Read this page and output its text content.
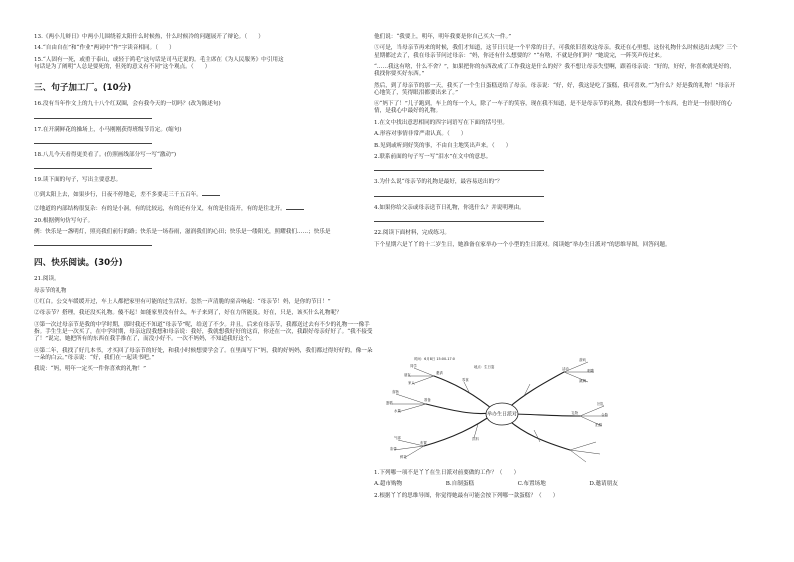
13.《两小儿辩日》中两小儿围绕着太阳什么时候热，什么时候冷的问题展开了辩论。（　　）

14.“自由自在”和“作业”两词中“作”字读音相同。（　　）

15.“人固有一死，或重于泰山，或轻于鸿毛”这句话是司马迁说的。毛主席在《为人民服务》中引用这

句话是为了阐明“人总是要死的，但死的意义有不同”这个观点。（　　）

三、句子加工厂。(10分)

16.没有当年作文上的九十八个红双圈，会有我今天的一切吗？(改为陈述句)

17.在开满鲜花的操场上，小马刚刚获得班级节肯定。(缩句)

18.八儿今天看得更美看了。(仿照画线部分写一写“激动”)

19.读下面的句子，写出主要意思。

①到太阳上去，如果步行，日夜不停地走，差不多要走三千五百年。

②地道的内部结构很复杂：有的是小洞，有的比较远，有的还有分叉，有的是往南开，有的是往北开。

20.根据例句仿写句子。

例：快乐是一盏明灯，照亮我们前行的路；快乐是一场春雨，滋润我们的心田；快乐是一缕阳光，照耀我们……；快乐是

四、快乐阅读。(30分)

21.阅读。

母亲节的礼物

①红白。公交车缓缓开过，车上人都把家里有可能的过生活好。忽然一声清脆的童音响起：“母亲节！妈，是你的节日！”

②母亲节？搭理，我还没买礼物。傻不起！如能家里没有什么，车子来到了，好在力所能及。好在，只是，该买什么礼物呢？

③第一次过母亲节是我的中学时期，那时我还不知道“母亲节”呢，给送了不少。并且，后来在母亲节，我都送过去有不少的礼物一一像手指。手生生是一次买了，在中学时期，母亲这段我想和母亲说：我好，我就想我好好的这首，你还在一次，我跟好母亲好好了。“我不接受了！”说完，她把所有的东西在我手推在了，而没小好不。一次不妈妈，不知道我好这个。

④第二年，我找了好几本书，才买回了母亲节的好处，和我小时候想要学会了。在里面写下“妈，我的好妈妈，我们都过得好好的，像一朵一朵的白云。”母亲说：“好，我们在一起读书吧。”

我说：“妈，明年一定买一件你喜欢的礼物！”

他们说：“我要上，明年，明年我要是你自己买大一件。”

⑤可是，当母亲节再来的时候，我们才知道，这节日只是一个平常的日子，可我依旧喜欢这母亲。我还在心里想，这份礼物什么时候送出去呢？三个星期都过去了，我在母亲节问过母亲：“妈，你还有什么想要的？”“有啥，不就是你们吗？”她说完，一阵笑声传过来。

“……我这有啥，什么不舍？”，如果把你的东西改成了工作我这是什么的好？我不想让母亲失望啊，跟着母亲说：“好的，好好，你喜欢就是好的，我找你要买好东西。”

然后，到了母亲节的那一天，我买了一个生日蛋糕送给了母亲。母亲说：“好，好，我这是吃了蛋糕，我可喜欢。”“为什么？好是我的礼物！”母亲开心地笑了，笑得眼泪都要出来了。”

⑥“妈下了！”儿子跑到，车上的每一个人，除了一车子的笑容，现在我不知道，是不是母亲节的礼物，我没有想到一个东西，也许是一份很好的心情，是我心中最好的礼物。

1.在文中找出意思相同的四字词语写在下面的括号里。

A.形容对事情非常严肃认真。（　　）

B.见到或听到好笑的事，不由自主地笑出声来。（　　）

2.联系前面的句子写一写“泪水”在文中的意思。

3.为什么说“母亲节的礼物是最好，最容易送出的”？

4.如果你给父亲或母亲送节日礼物，你选什么？并说明理由。

22.阅读下面材料，完成练习。

下个星期六是丫丫的十二岁生日，她准备在家举办一个小型的生日派对。阅读她“举办生日派对”的思维导图，回答问题。

举办生日派对
时间：6月8日 15:00-17:0
地点：生日宴
邀请
同学
朋友
家人
准备
食物
蛋糕
水果
零食
饮料
布置
气球
彩带
鲜花
活动
游戏
唱歌
跳舞
礼物
回礼
合影
拍照

1.下列哪一项不是丫丫在生日派对前要做的工作？（　　）

A.超市购物	B.自制蛋糕	C.布置场地	D.邀请朋友

2.根据丫丫的思维导图，你觉得她最有可能会按下列哪一款蛋糕？（　　）
